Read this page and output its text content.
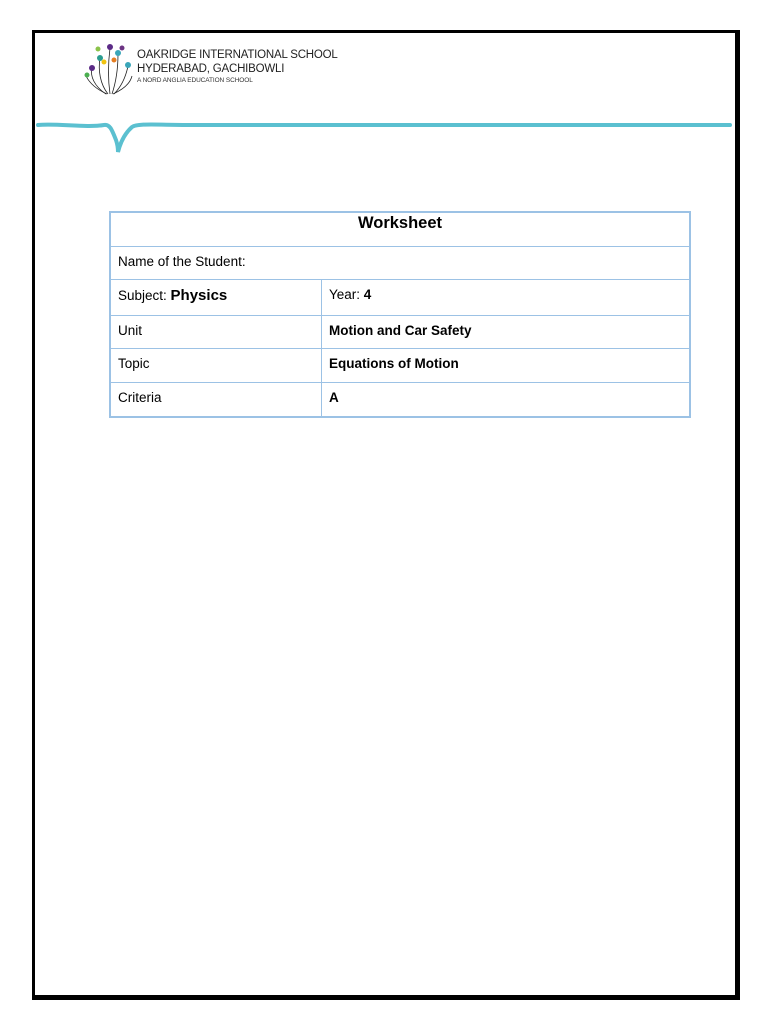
OAKRIDGE INTERNATIONAL SCHOOL
HYDERABAD, GACHIBOWLI
A NORD ANGLIA EDUCATION SCHOOL
Worksheet	
Name of the Student:	
Subject: Physics	Year: 4
Unit	Motion and Car Safety
Topic	Equations of Motion
Criteria	A
